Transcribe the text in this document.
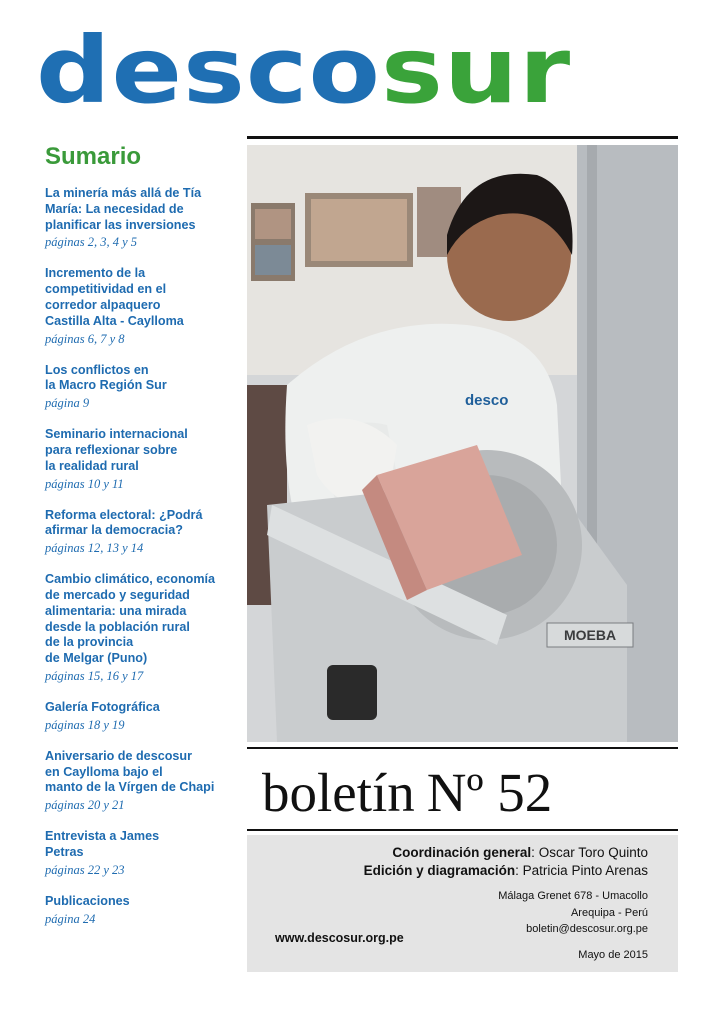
descosur
Sumario
La minería más allá de Tía
María: La necesidad de
planificar las inversiones
páginas 2, 3, 4 y 5
Incremento de la
competitividad en el
corredor alpaquero
Castilla Alta - Caylloma
páginas 6, 7 y 8
Los conflictos en
la Macro Región Sur
página 9
Seminario internacional
para reflexionar sobre
la realidad rural
páginas 10 y 11
Reforma electoral: ¿Podrá
afirmar la democracia?
páginas 12, 13 y 14
Cambio climático, economía
de mercado y seguridad
alimentaria: una mirada
desde la población rural
de la provincia
de Melgar (Puno)
páginas 15, 16 y 17
Galería Fotográfica
páginas 18 y 19
Aniversario de descosur
en Caylloma bajo el
manto de la Vírgen de Chapi
páginas 20 y 21
Entrevista a James
Petras
páginas 22 y 23
Publicaciones
página 24
MOEBA
desco
boletín Nº 52
Coordinación general: Oscar Toro Quinto
Edición y diagramación: Patricia Pinto Arenas
Málaga Grenet 678 - Umacollo
Arequipa - Perú
boletin@descosur.org.pe
www.descosur.org.pe
Mayo de 2015
